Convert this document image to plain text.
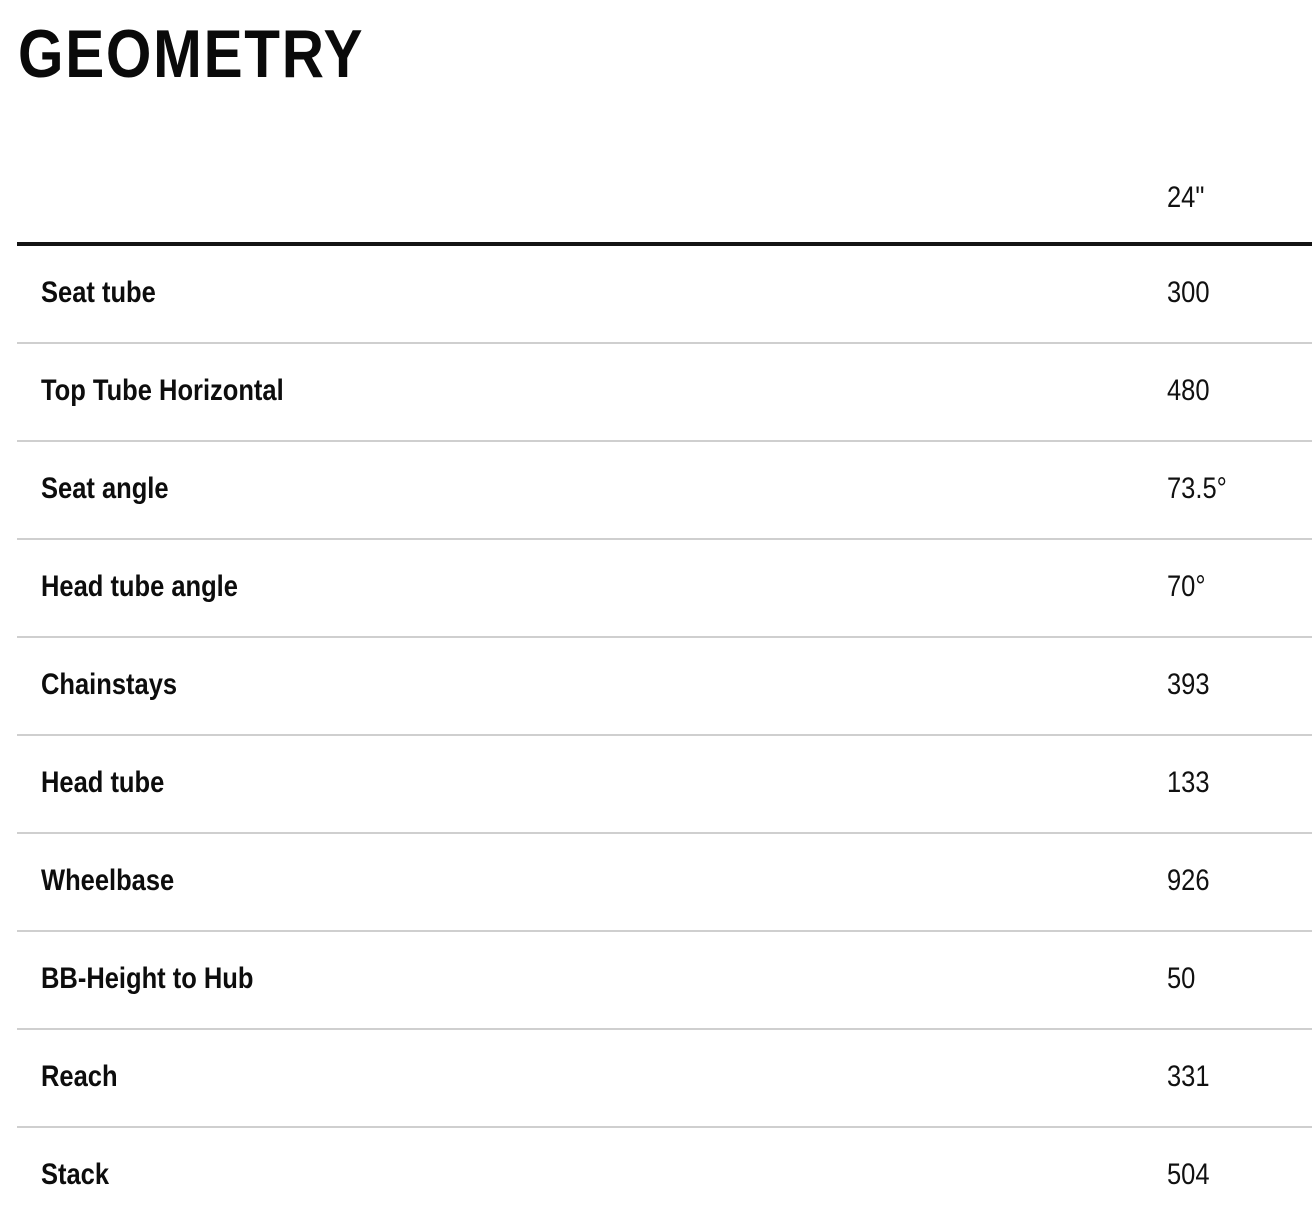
GEOMETRY
24"
Seat tube	300
Top Tube Horizontal	480
Seat angle	73.5°
Head tube angle	70°
Chainstays	393
Head tube	133
Wheelbase	926
BB-Height to Hub	50
Reach	331
Stack	504
